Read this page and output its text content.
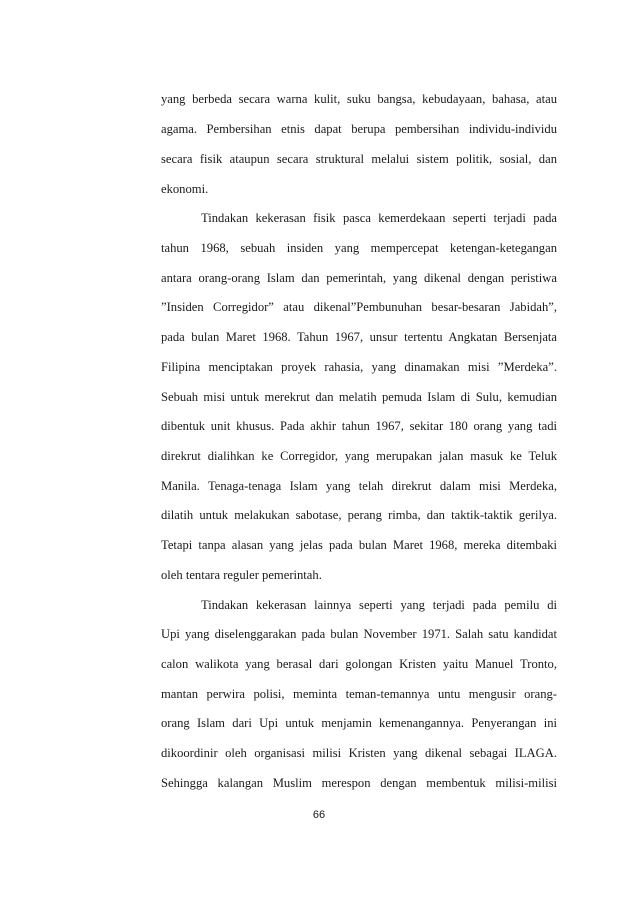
yang berbeda secara warna kulit, suku bangsa, kebudayaan, bahasa, atau
agama. Pembersihan etnis dapat berupa pembersihan individu-individu
secara fisik ataupun secara struktural melalui sistem politik, sosial, dan
ekonomi.
Tindakan kekerasan fisik pasca kemerdekaan seperti terjadi pada
tahun 1968, sebuah insiden yang mempercepat ketengan-ketegangan
antara orang-orang Islam dan pemerintah, yang dikenal dengan peristiwa
”Insiden Corregidor” atau dikenal”Pembunuhan besar-besaran Jabidah”,
pada bulan Maret 1968. Tahun 1967, unsur tertentu Angkatan Bersenjata
Filipina menciptakan proyek rahasia, yang dinamakan misi ”Merdeka”.
Sebuah misi untuk merekrut dan melatih pemuda Islam di Sulu, kemudian
dibentuk unit khusus. Pada akhir tahun 1967, sekitar 180 orang yang tadi
direkrut dialihkan ke Corregidor, yang merupakan jalan masuk ke Teluk
Manila. Tenaga-tenaga Islam yang telah direkrut dalam misi Merdeka,
dilatih untuk melakukan sabotase, perang rimba, dan taktik-taktik gerilya.
Tetapi tanpa alasan yang jelas pada bulan Maret 1968, mereka ditembaki
oleh tentara reguler pemerintah.
Tindakan kekerasan lainnya seperti yang terjadi pada pemilu di
Upi yang diselenggarakan pada bulan November 1971. Salah satu kandidat
calon walikota yang berasal dari golongan Kristen yaitu Manuel Tronto,
mantan perwira polisi, meminta teman-temannya untu mengusir orang-
orang Islam dari Upi untuk menjamin kemenangannya. Penyerangan ini
dikoordinir oleh organisasi milisi Kristen yang dikenal sebagai ILAGA.
Sehingga kalangan Muslim merespon dengan membentuk milisi-milisi
66
